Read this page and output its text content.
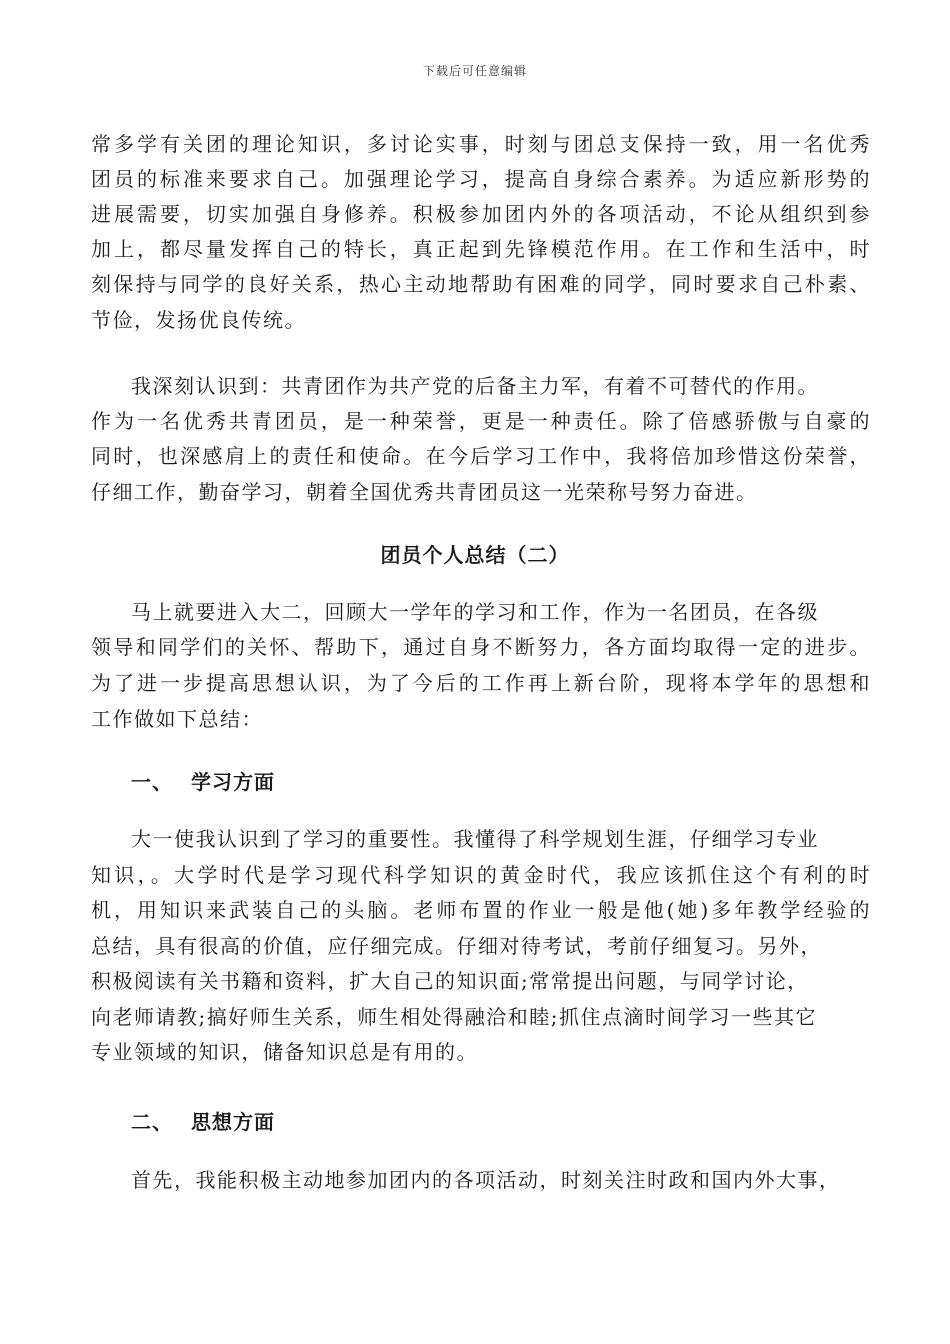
下载后可任意编辑
常多学有关团的理论知识，多讨论实事，时刻与团总支保持一致，用一名优秀
团员的标准来要求自己。加强理论学习，提高自身综合素养。为适应新形势的
进展需要，切实加强自身修养。积极参加团内外的各项活动，不论从组织到参
加上，都尽量发挥自己的特长，真正起到先锋模范作用。在工作和生活中，时
刻保持与同学的良好关系，热心主动地帮助有困难的同学，同时要求自己朴素、
节俭，发扬优良传统。
我深刻认识到：共青团作为共产党的后备主力军，有着不可替代的作用。
作为一名优秀共青团员，是一种荣誉，更是一种责任。除了倍感骄傲与自豪的
同时，也深感肩上的责任和使命。在今后学习工作中，我将倍加珍惜这份荣誉，
仔细工作，勤奋学习，朝着全国优秀共青团员这一光荣称号努力奋进。
团员个人总结（二）
马上就要进入大二，回顾大一学年的学习和工作，作为一名团员，在各级
领导和同学们的关怀、帮助下，通过自身不断努力，各方面均取得一定的进步。
为了进一步提高思想认识，为了今后的工作再上新台阶，现将本学年的思想和
工作做如下总结：
一、 学习方面
大一使我认识到了学习的重要性。我懂得了科学规划生涯，仔细学习专业
知识，。大学时代是学习现代科学知识的黄金时代，我应该抓住这个有利的时
机，用知识来武装自己的头脑。老师布置的作业一般是他(她)多年教学经验的
总结，具有很高的价值，应仔细完成。仔细对待考试，考前仔细复习。另外，
积极阅读有关书籍和资料，扩大自己的知识面;常常提出问题，与同学讨论，
向老师请教;搞好师生关系，师生相处得融洽和睦;抓住点滴时间学习一些其它
专业领域的知识，储备知识总是有用的。
二、 思想方面
首先，我能积极主动地参加团内的各项活动，时刻关注时政和国内外大事，
